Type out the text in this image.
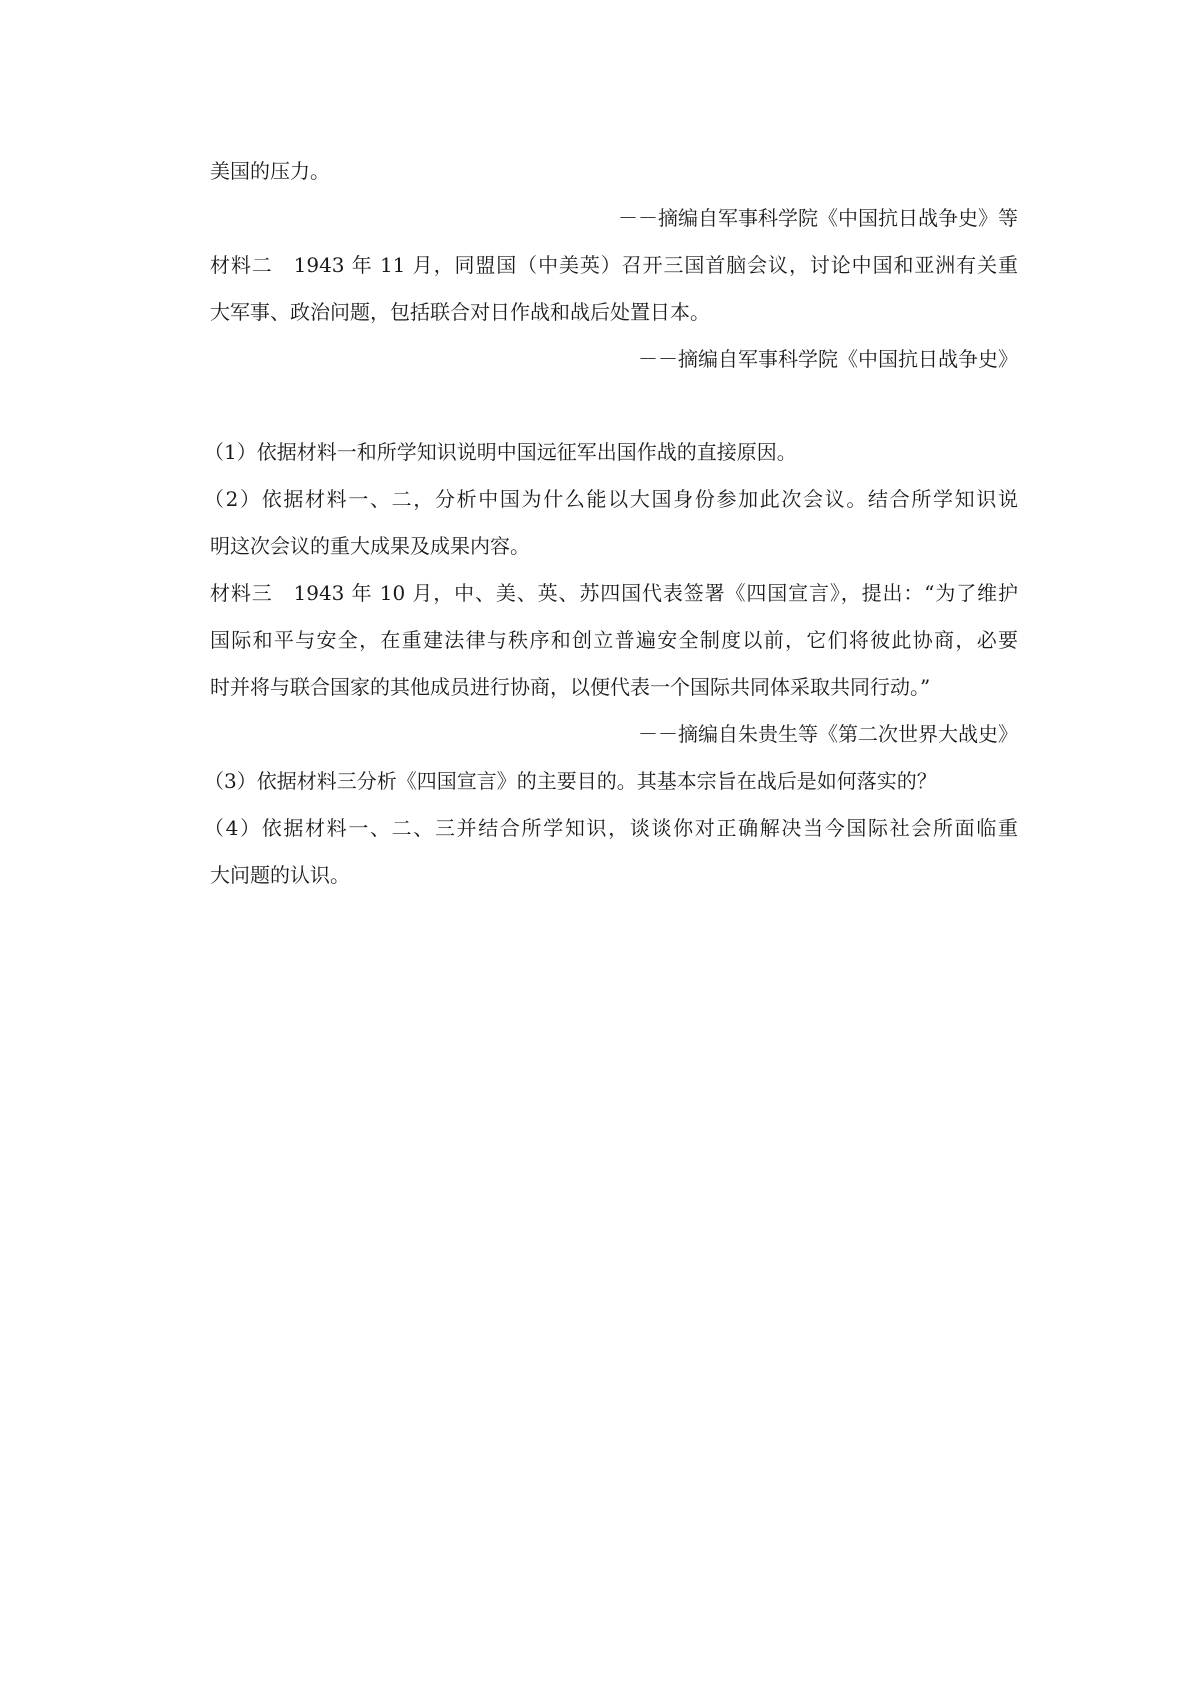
美国的压力。
－－摘编自军事科学院《中国抗日战争史》等
材料二　1943 年 11 月，同盟国（中美英）召开三国首脑会议，讨论中国和亚洲有关重
大军事、政治问题，包括联合对日作战和战后处置日本。
－－摘编自军事科学院《中国抗日战争史》
（1）依据材料一和所学知识说明中国远征军出国作战的直接原因。
（2）依据材料一、二，分析中国为什么能以大国身份参加此次会议。结合所学知识说
明这次会议的重大成果及成果内容。
材料三　1943 年 10 月，中、美、英、苏四国代表签署《四国宣言》，提出：“为了维护
国际和平与安全，在重建法律与秩序和创立普遍安全制度以前，它们将彼此协商，必要
时并将与联合国家的其他成员进行协商，以便代表一个国际共同体采取共同行动。”
－－摘编自朱贵生等《第二次世界大战史》
（3）依据材料三分析《四国宣言》的主要目的。其基本宗旨在战后是如何落实的？
（4）依据材料一、二、三并结合所学知识，谈谈你对正确解决当今国际社会所面临重
大问题的认识。
